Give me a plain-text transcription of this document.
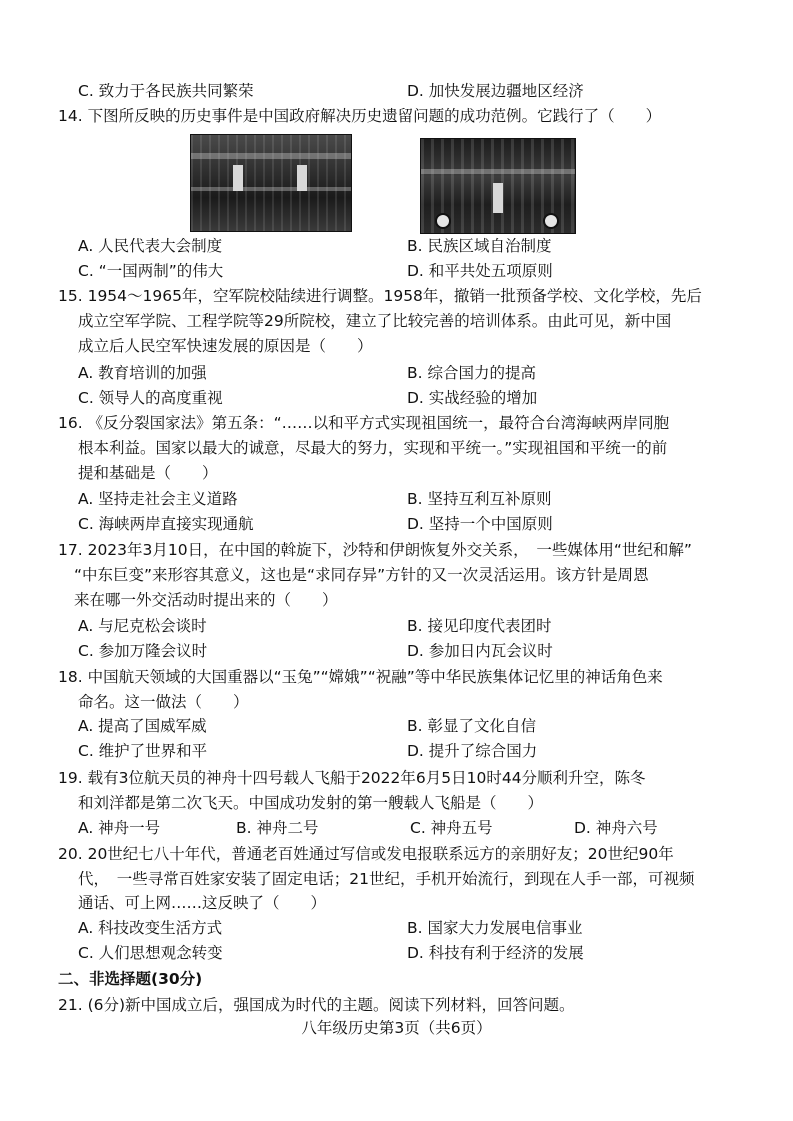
C. 致力于各民族共同繁荣	D. 加快发展边疆地区经济
14. 下图所反映的历史事件是中国政府解决历史遗留问题的成功范例。它践行了（　　）
A. 人民代表大会制度	B. 民族区域自治制度
C. “一国两制”的伟大	D. 和平共处五项原则
15. 1954～1965年，空军院校陆续进行调整。1958年，撤销一批预备学校、文化学校，先后
成立空军学院、工程学院等29所院校，建立了比较完善的培训体系。由此可见，新中国
成立后人民空军快速发展的原因是（　　）
A. 教育培训的加强	B. 综合国力的提高
C. 领导人的高度重视	D. 实战经验的增加
16. 《反分裂国家法》第五条：“……以和平方式实现祖国统一，最符合台湾海峡两岸同胞
根本利益。国家以最大的诚意，尽最大的努力，实现和平统一。”实现祖国和平统一的前
提和基础是（　　）
A. 坚持走社会主义道路	B. 坚持互利互补原则
C. 海峡两岸直接实现通航	D. 坚持一个中国原则
17. 2023年3月10日，在中国的斡旋下，沙特和伊朗恢复外交关系，　一些媒体用“世纪和解”
“中东巨变”来形容其意义，这也是“求同存异”方针的又一次灵活运用。该方针是周恩
来在哪一外交活动时提出来的（　　）
A. 与尼克松会谈时	B. 接见印度代表团时
C. 参加万隆会议时	D. 参加日内瓦会议时
18. 中国航天领域的大国重器以“玉兔”“嫦娥”“祝融”等中华民族集体记忆里的神话角色来
命名。这一做法（　　）
A. 提高了国威军威	B. 彰显了文化自信
C. 维护了世界和平	D. 提升了综合国力
19. 载有3位航天员的神舟十四号载人飞船于2022年6月5日10时44分顺利升空，陈冬
和刘洋都是第二次飞天。中国成功发射的第一艘载人飞船是（　　）
A. 神舟一号	B. 神舟二号	C. 神舟五号	D. 神舟六号
20. 20世纪七八十年代，普通老百姓通过写信或发电报联系远方的亲朋好友；20世纪90年
代，　一些寻常百姓家安装了固定电话；21世纪，手机开始流行，到现在人手一部，可视频
通话、可上网……这反映了（　　）
A. 科技改变生活方式	B. 国家大力发展电信事业
C. 人们思想观念转变	D. 科技有利于经济的发展
二、非选择题(30分)
21. (6分)新中国成立后，强国成为时代的主题。阅读下列材料，回答问题。
八年级历史第3页（共6页）
